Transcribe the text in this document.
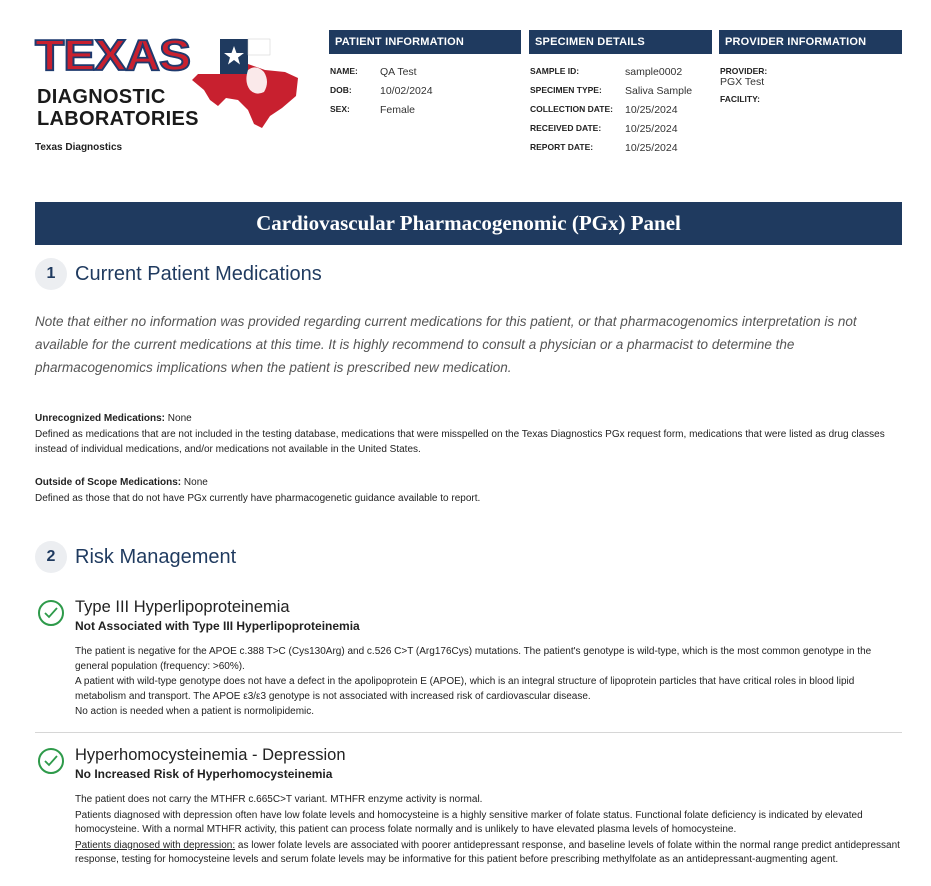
TEXAS
DIAGNOSTIC
LABORATORIES
Texas Diagnostics
PATIENT INFORMATION
NAME:	QA Test
DOB:	10/02/2024
SEX:	Female
SPECIMEN DETAILS
SAMPLE ID:	sample0002
SPECIMEN TYPE:	Saliva Sample
COLLECTION DATE:	10/25/2024
RECEIVED DATE:	10/25/2024
REPORT DATE:	10/25/2024
PROVIDER INFORMATION
PROVIDER:
PGX Test
FACILITY:
Cardiovascular Pharmacogenomic (PGx) Panel
1 Current Patient Medications
Note that either no information was provided regarding current medications for this patient, or that pharmacogenomics interpretation is not available for the current medications at this time. It is highly recommend to consult a physician or a pharmacist to determine the pharmacogenomics implications when the patient is prescribed new medication.
Unrecognized Medications: None
Defined as medications that are not included in the testing database, medications that were misspelled on the Texas Diagnostics PGx request form, medications that were listed as drug classes instead of individual medications, and/or medications not available in the United States.
Outside of Scope Medications: None
Defined as those that do not have PGx currently have pharmacogenetic guidance available to report.
2 Risk Management
Type III Hyperlipoproteinemia
Not Associated with Type III Hyperlipoproteinemia

The patient is negative for the APOE c.388 T>C (Cys130Arg) and c.526 C>T (Arg176Cys) mutations. The patient's genotype is wild-type, which is the most common genotype in the general population (frequency: >60%).

A patient with wild-type genotype does not have a defect in the apolipoprotein E (APOE), which is an integral structure of lipoprotein particles that have critical roles in blood lipid metabolism and transport. The APOE ε3/ε3 genotype is not associated with increased risk of cardiovascular disease.

No action is needed when a patient is normolipidemic.

Hyperhomocysteinemia - Depression
No Increased Risk of Hyperhomocysteinemia

The patient does not carry the MTHFR c.665C>T variant. MTHFR enzyme activity is normal.

Patients diagnosed with depression often have low folate levels and homocysteine is a highly sensitive marker of folate status. Functional folate deficiency is indicated by elevated homocysteine. With a normal MTHFR activity, this patient can process folate normally and is unlikely to have elevated plasma levels of homocysteine.

Patients diagnosed with depression: as lower folate levels are associated with poorer antidepressant response, and baseline levels of folate within the normal range predict antidepressant response, testing for homocysteine levels and serum folate levels may be informative for this patient before prescribing methylfolate as an antidepressant-augmenting agent.
